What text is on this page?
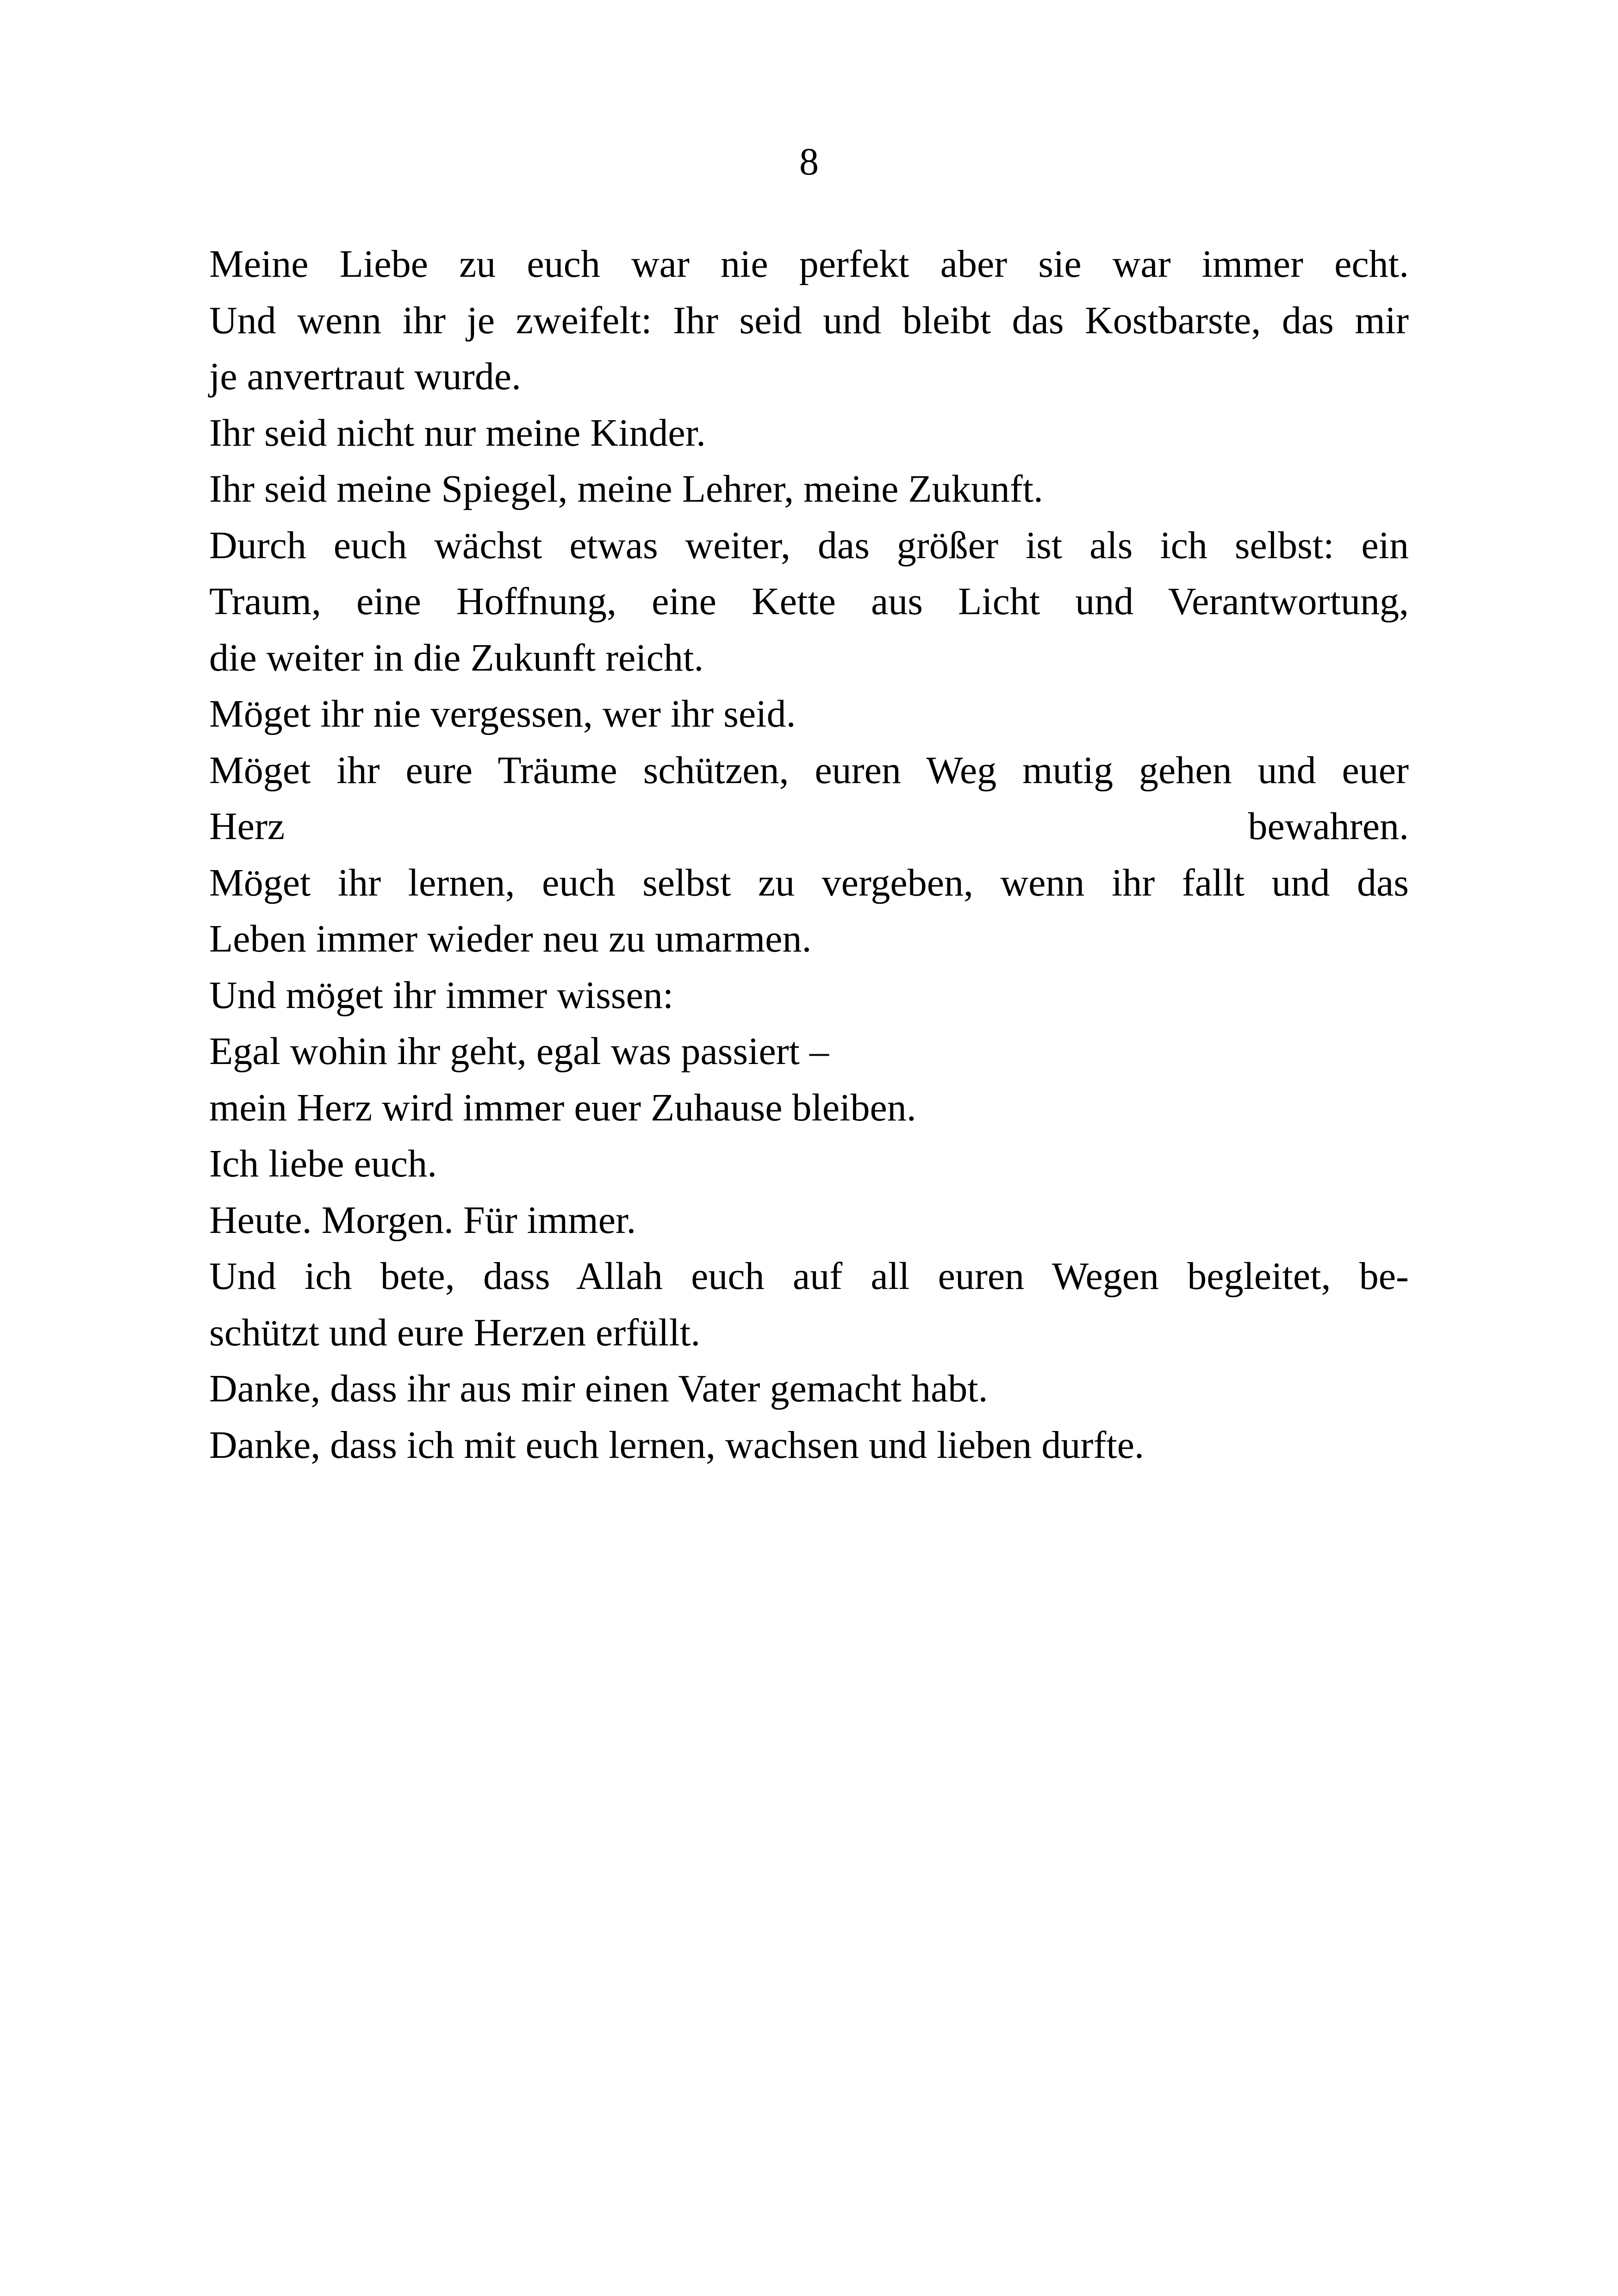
8
Meine Liebe zu euch war nie perfekt aber sie war immer echt.
Und wenn ihr je zweifelt: Ihr seid und bleibt das Kostbarste, das mir
je anvertraut wurde.
Ihr seid nicht nur meine Kinder.
Ihr seid meine Spiegel, meine Lehrer, meine Zukunft.
Durch euch wächst etwas weiter, das größer ist als ich selbst: ein
Traum, eine Hoffnung, eine Kette aus Licht und Verantwortung,
die weiter in die Zukunft reicht.
Möget ihr nie vergessen, wer ihr seid.
Möget ihr eure Träume schützen, euren Weg mutig gehen und euer
Herz bewahren.
Möget ihr lernen, euch selbst zu vergeben, wenn ihr fallt und das
Leben immer wieder neu zu umarmen.
Und möget ihr immer wissen:
Egal wohin ihr geht, egal was passiert –
mein Herz wird immer euer Zuhause bleiben.
Ich liebe euch.
Heute. Morgen. Für immer.
Und ich bete, dass Allah euch auf all euren Wegen begleitet, be-
schützt und eure Herzen erfüllt.
Danke, dass ihr aus mir einen Vater gemacht habt.
Danke, dass ich mit euch lernen, wachsen und lieben durfte.
